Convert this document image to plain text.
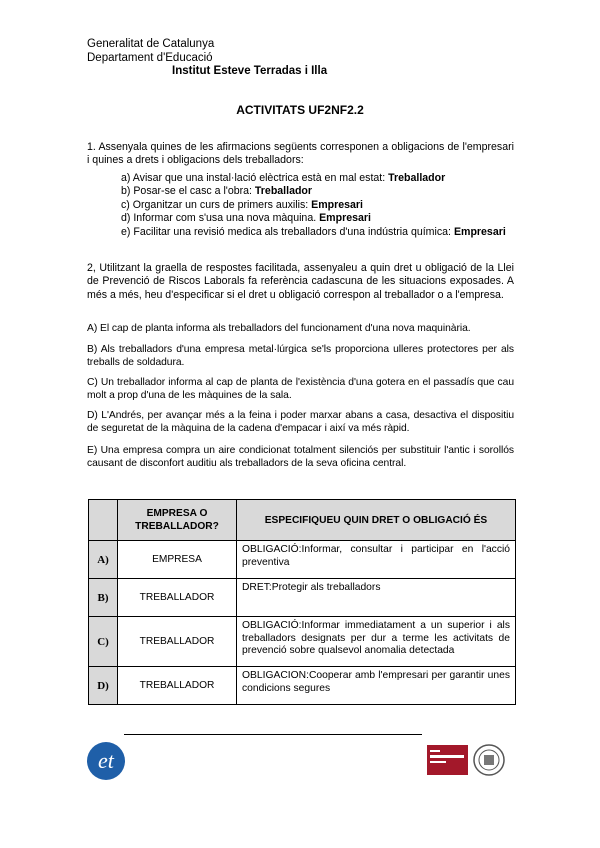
Generalitat de Catalunya
Departament d'Educació
Institut Esteve Terradas i Illa
ACTIVITATS UF2NF2.2
1. Assenyala quines de les afirmacions següents corresponen a obligacions de l'empresari i quines a drets i obligacions dels treballadors:
a) Avisar que una instal·lació elèctrica està en mal estat: Treballador
b) Posar-se el casc a l'obra: Treballador
c) Organitzar un curs de primers auxilis: Empresari
d) Informar com s'usa una nova màquina. Empresari
e) Facilitar una revisió medica als treballadors d'una indústria química: Empresari
2, Utilitzant la graella de respostes facilitada, assenyaleu a quin dret u obligació de la Llei de Prevenció de Riscos Laborals fa referència cadascuna de les situacions exposades. A més a més, heu d'especificar si el dret u obligació correspon al treballador o a l'empresa.
A) El cap de planta informa als treballadors del funcionament d'una nova maquinària.
B) Als treballadors d'una empresa metal·lúrgica se'ls proporciona ulleres protectores per als treballs de soldadura.
C) Un treballador informa al cap de planta de l'existència d'una gotera en el passadís que cau molt a prop d'una de les màquines de la sala.
D) L'Andrés, per avançar més a la feina i poder marxar abans a casa, desactiva el dispositiu de seguretat de la màquina de la cadena d'empacar i així va més ràpid.
E) Una empresa compra un aire condicionat totalment silenciós per substituir l'antic i sorollós causant de disconfort auditiu als treballadors de la seva oficina central.
	EMPRESA O TREBALLADOR?	ESPECIFIQUEU QUIN DRET O OBLIGACIÓ ÉS
A)	EMPRESA	OBLIGACIÓ:Informar, consultar i participar en l'acció preventiva
B)	TREBALLADOR	DRET:Protegir als treballadors
C)	TREBALLADOR	OBLIGACIÓ:Informar immediatament a un superior i als treballadors designats per dur a terme les activitats de prevenció sobre qualsevol anomalia detectada
D)	TREBALLADOR	OBLIGACION:Cooperar amb l'empresari per garantir unes condicions segures
et
